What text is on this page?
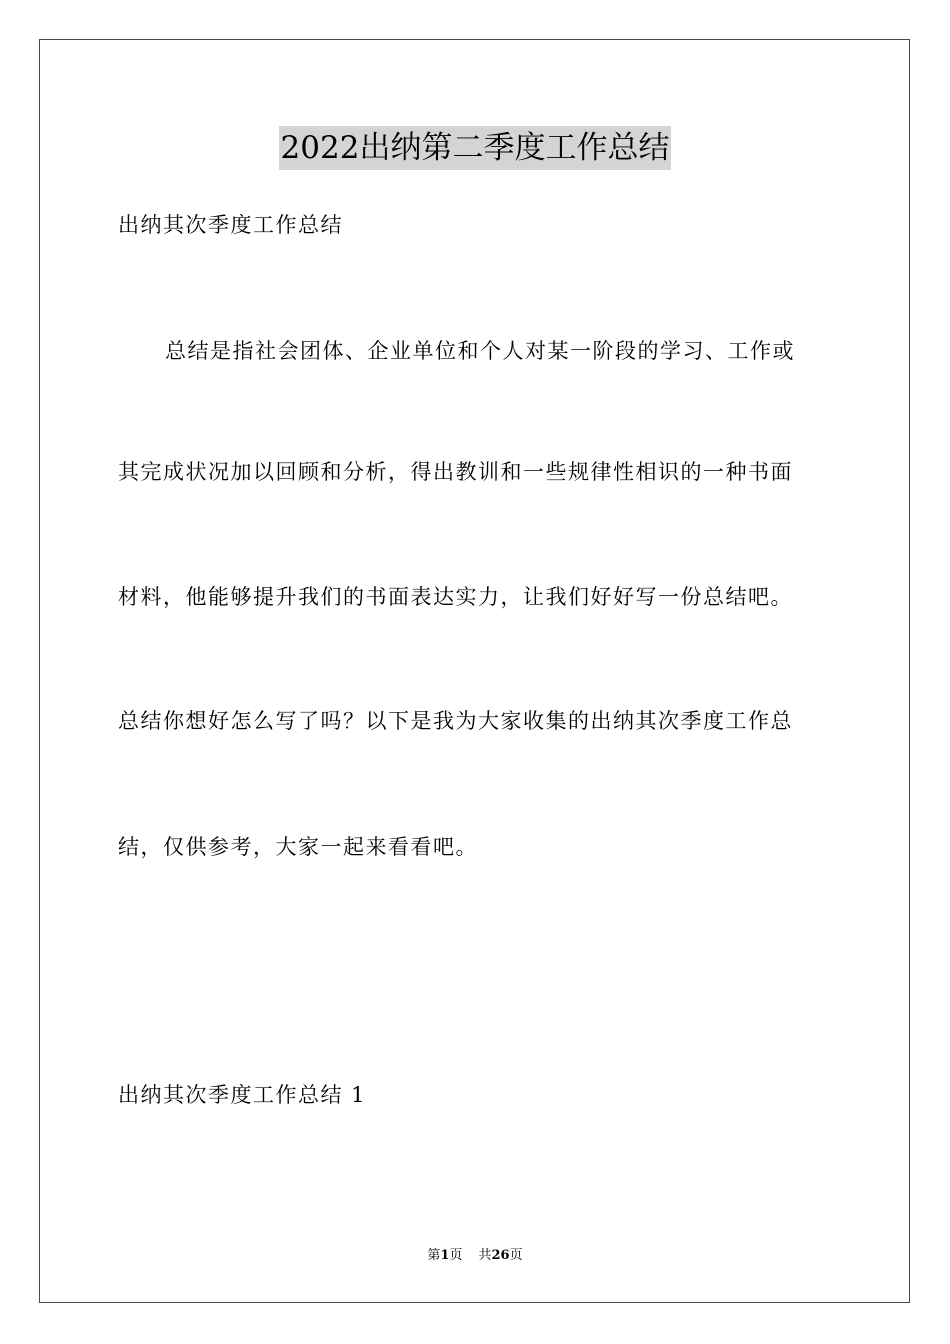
2022出纳第二季度工作总结
出纳其次季度工作总结
总结是指社会团体、企业单位和个人对某一阶段的学习、工作或
其完成状况加以回顾和分析，得出教训和一些规律性相识的一种书面
材料，他能够提升我们的书面表达实力，让我们好好写一份总结吧。
总结你想好怎么写了吗？以下是我为大家收集的出纳其次季度工作总
结，仅供参考，大家一起来看看吧。
出纳其次季度工作总结 1
第1页 共26页
